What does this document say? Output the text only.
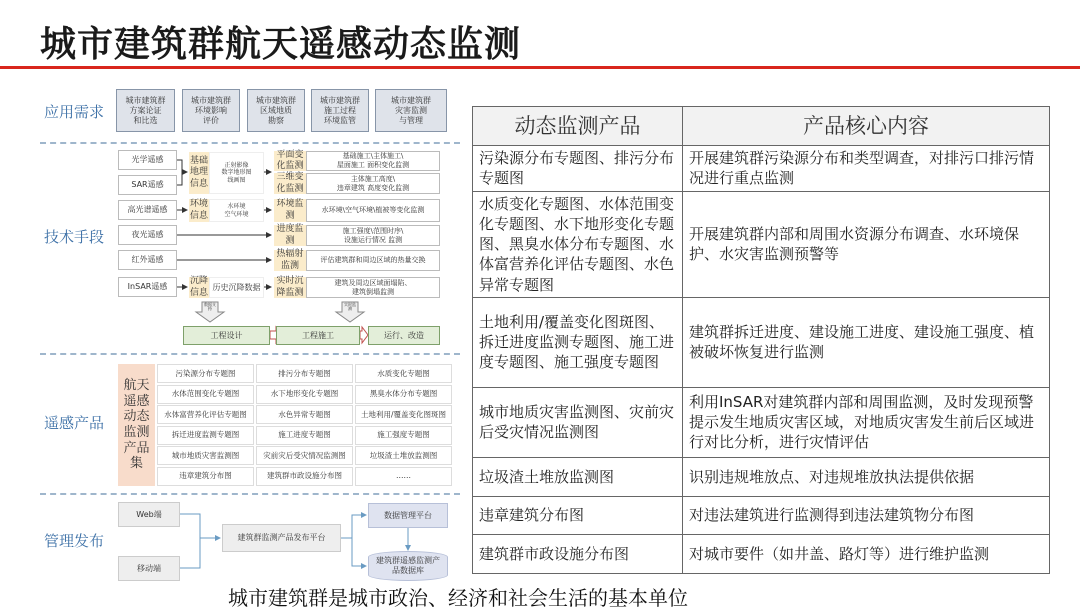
城市建筑群航天遥感动态监测
应用需求
技术手段
遥感产品
管理发布
城市建筑群
方案论证
和比选
城市建筑群
环境影响
评价
城市建筑群
区域地质
勘察
城市建筑群
施工过程
环境监管
城市建筑群
灾害监测
与管理
光学遥感
SAR遥感
高光谱遥感
夜光遥感
红外遥感
InSAR遥感
基础地理信息
正射影像
数字地形图
线画图
环境信息
水环境
空气环境
沉降信息
历史沉降数据
平面变化监测
基础施工\主体施工\
屋面施工 面积变化监测
三维变化监测
主体施工高度\
违章建筑 高度变化监测
环境监测
水环境\空气环境\植被等变化监测
进度监测
施工强度\范围时序\
设施运行情况 监测
热辐射监测
评估建筑群和周边区域的热量交换
实时沉降监测
建筑及周边区域面塌陷、
建筑倒塌监测
数据支持
实时监测
工程设计	工程施工	运行、改造
航天遥感动态监测产品集
污染源分布专题图	排污分布专题图	水质变化专题图
水体范围变化专题图	水下地形变化专题图	黑臭水体分布专题图
水体富营养化评估专题图	水色异常专题图	土地利用/覆盖变化图斑图
拆迁进度监测专题图	施工进度专题图	施工强度专题图
城市地质灾害监测图	灾前灾后受灾情况监测图	垃圾渣土堆放监测图
违章建筑分布图	建筑群市政设施分布图	……
Web端
移动端
建筑群监测产品发布平台
数据管理平台
建筑群遥感监测产品数据库
动态监测产品	产品核心内容
污染源分布专题图、排污分布专题图	开展建筑群污染源分布和类型调查，对排污口排污情况进行重点监测
水质变化专题图、水体范围变化专题图、水下地形变化专题图、黑臭水体分布专题图、水体富营养化评估专题图、水色异常专题图	开展建筑群内部和周围水资源分布调查、水环境保护、水灾害监测预警等
土地利用/覆盖变化图斑图、拆迁进度监测专题图、施工进度专题图、施工强度专题图	建筑群拆迁进度、建设施工进度、建设施工强度、植被破坏恢复进行监测
城市地质灾害监测图、灾前灾后受灾情况监测图	利用InSAR对建筑群内部和周围监测，及时发现预警提示发生地质灾害区域，对地质灾害发生前后区域进行对比分析，进行灾情评估
垃圾渣土堆放监测图	识别违规堆放点、对违规堆放执法提供依据
违章建筑分布图	对违法建筑进行监测得到违法建筑物分布图
建筑群市政设施分布图	对城市要件（如井盖、路灯等）进行维护监测
城市建筑群是城市政治、经济和社会生活的基本单位
